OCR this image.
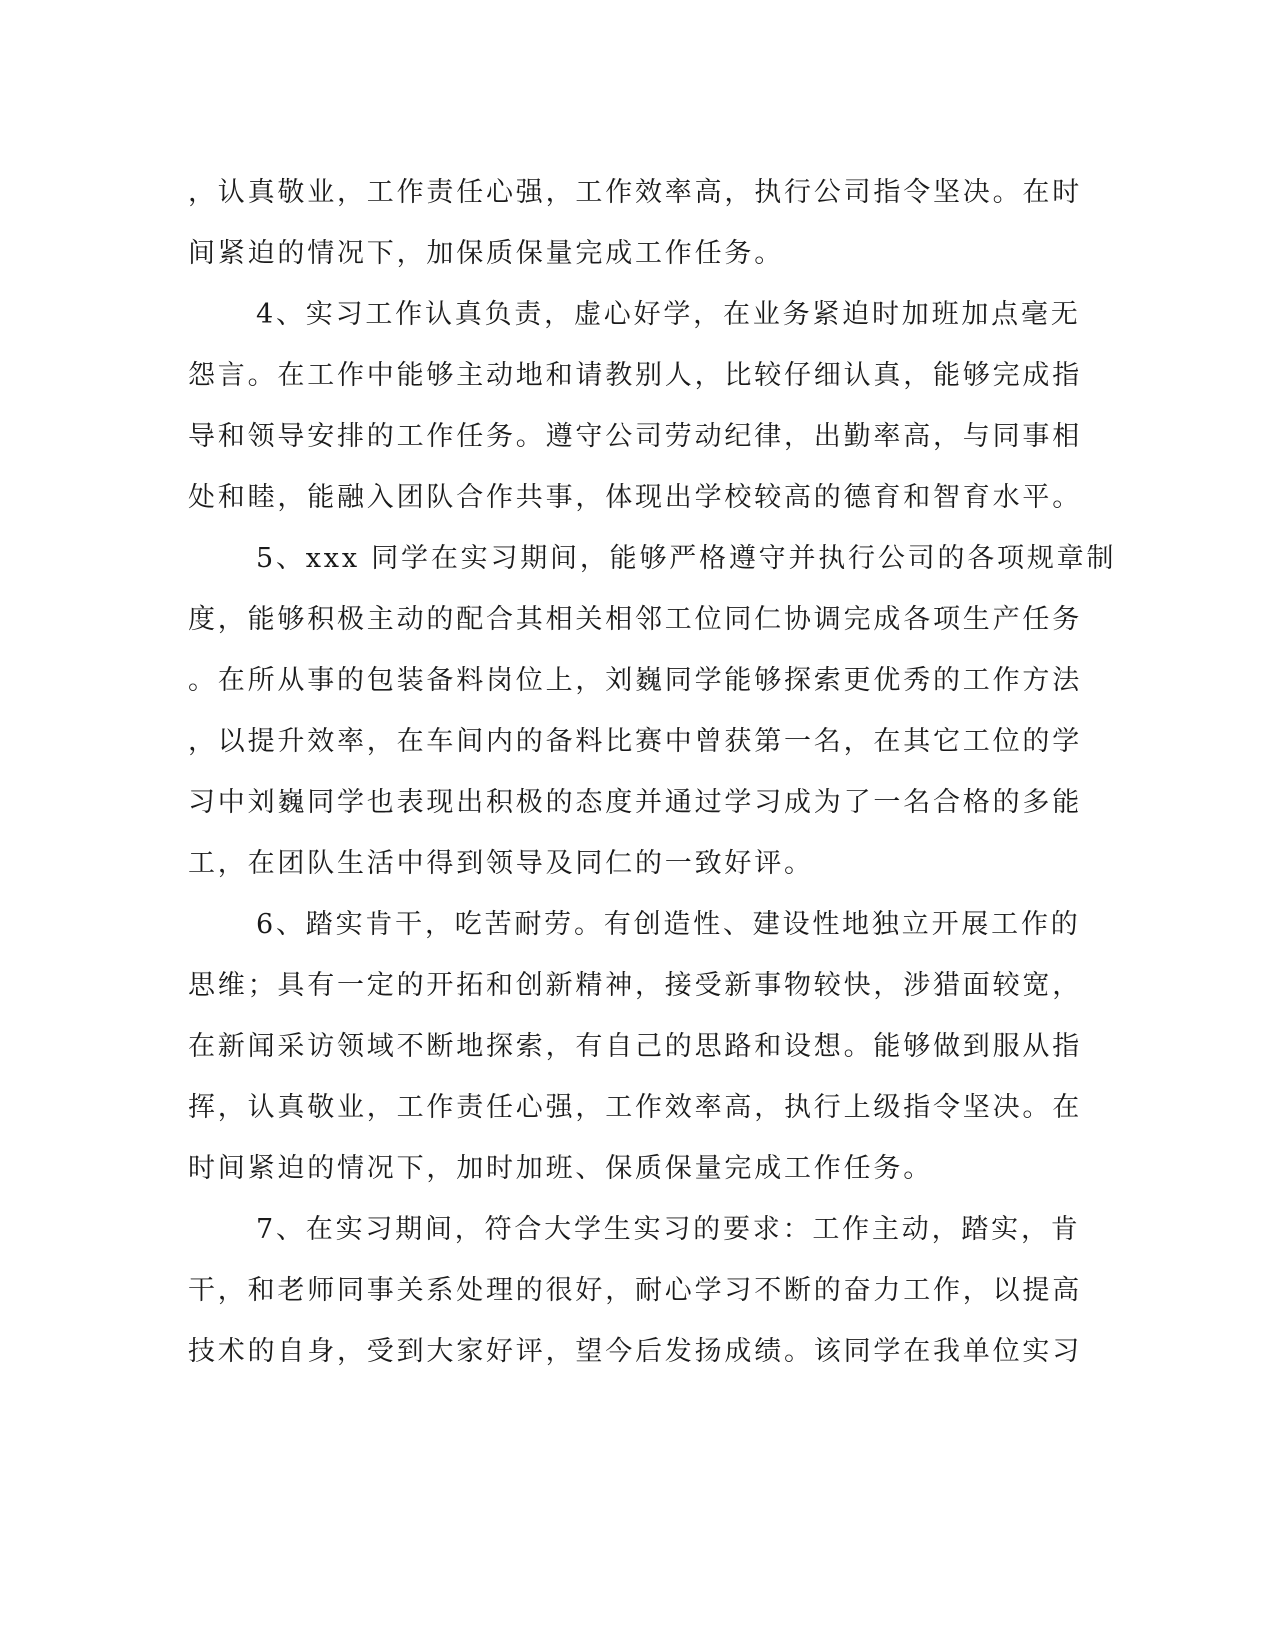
，认真敬业，工作责任心强，工作效率高，执行公司指令坚决。在时
间紧迫的情况下，加保质保量完成工作任务。
4、实习工作认真负责，虚心好学，在业务紧迫时加班加点毫无
怨言。在工作中能够主动地和请教别人，比较仔细认真，能够完成指
导和领导安排的工作任务。遵守公司劳动纪律，出勤率高，与同事相
处和睦，能融入团队合作共事，体现出学校较高的德育和智育水平。
5、xxx 同学在实习期间，能够严格遵守并执行公司的各项规章制
度，能够积极主动的配合其相关相邻工位同仁协调完成各项生产任务
。在所从事的包装备料岗位上，刘巍同学能够探索更优秀的工作方法
，以提升效率，在车间内的备料比赛中曾获第一名，在其它工位的学
习中刘巍同学也表现出积极的态度并通过学习成为了一名合格的多能
工，在团队生活中得到领导及同仁的一致好评。
6、踏实肯干，吃苦耐劳。有创造性、建设性地独立开展工作的
思维；具有一定的开拓和创新精神，接受新事物较快，涉猎面较宽，
在新闻采访领域不断地探索，有自己的思路和设想。能够做到服从指
挥，认真敬业，工作责任心强，工作效率高，执行上级指令坚决。在
时间紧迫的情况下，加时加班、保质保量完成工作任务。
7、在实习期间，符合大学生实习的要求：工作主动，踏实，肯
干，和老师同事关系处理的很好，耐心学习不断的奋力工作，以提高
技术的自身，受到大家好评，望今后发扬成绩。该同学在我单位实习
